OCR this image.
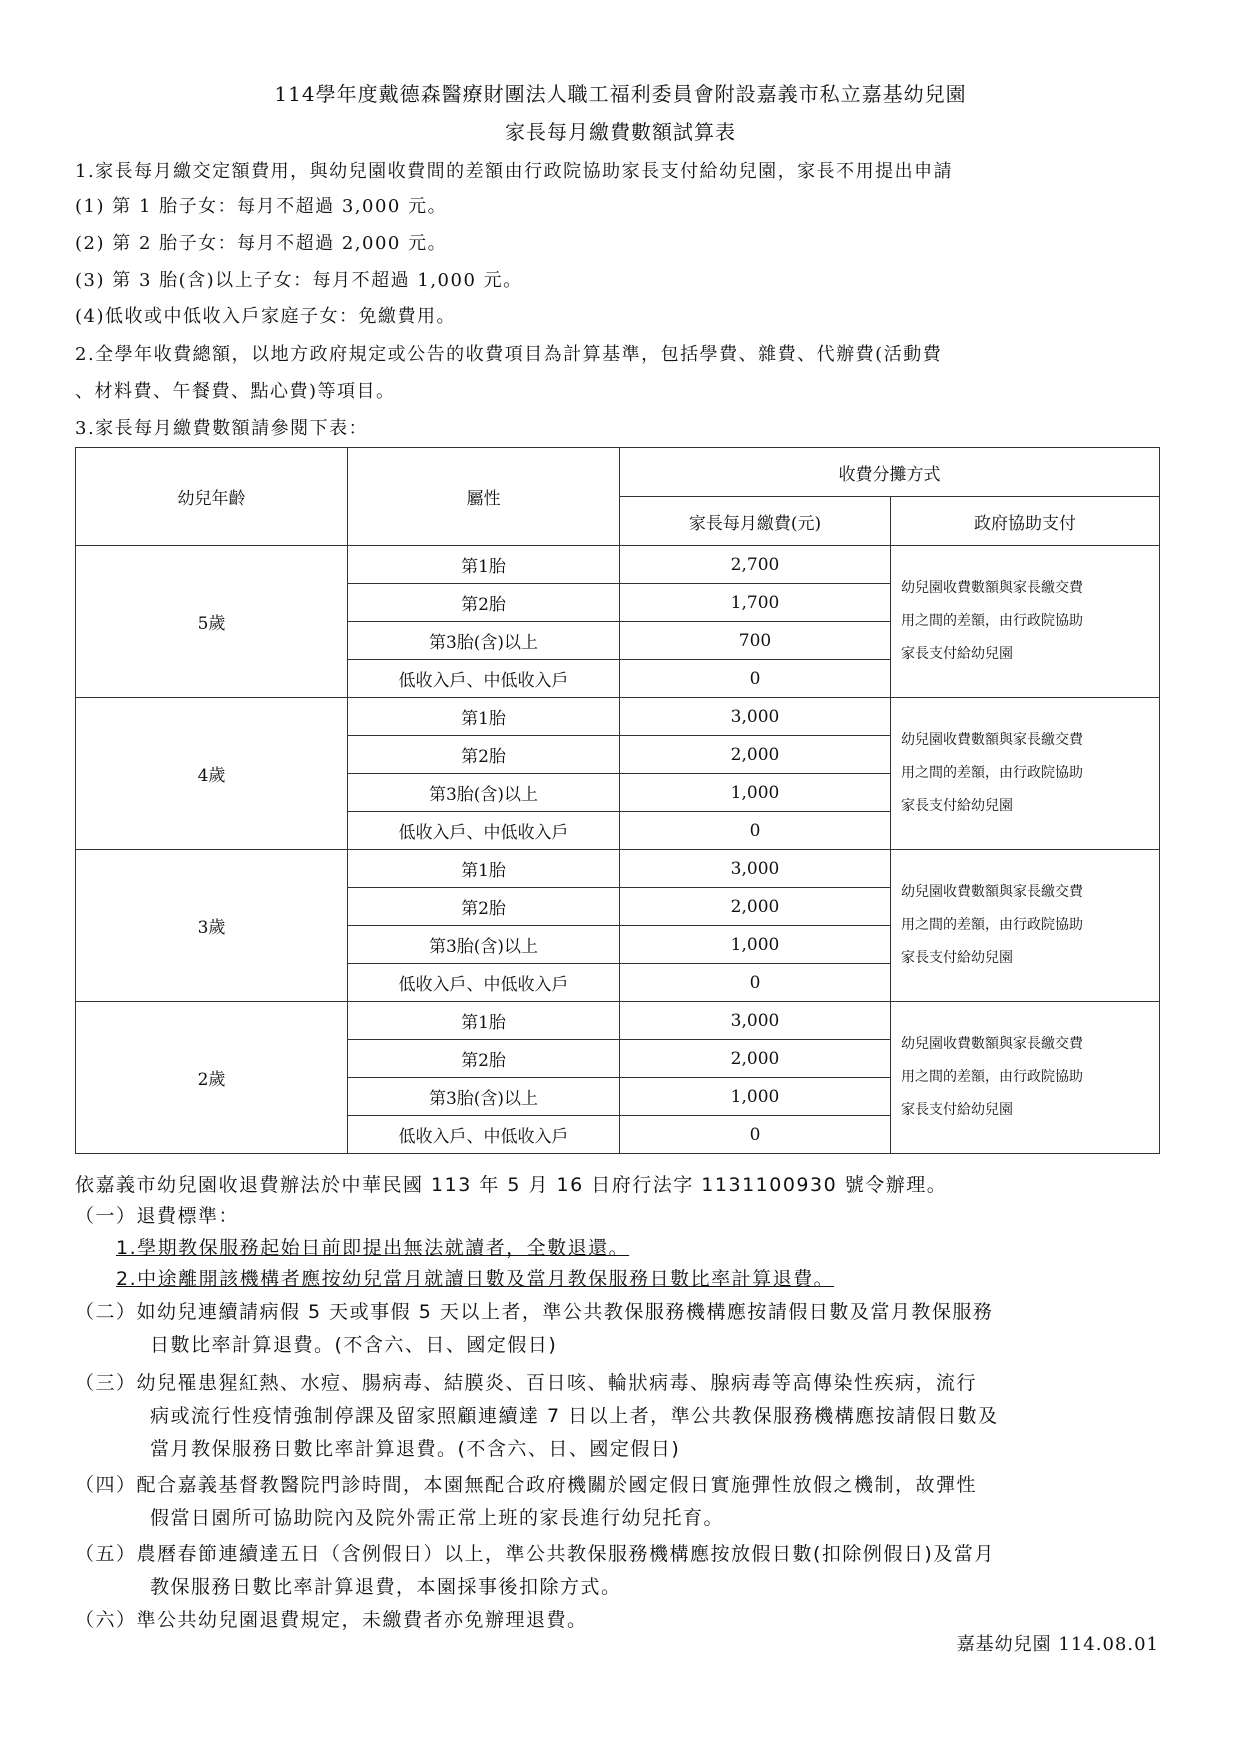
114學年度戴德森醫療財團法人職工福利委員會附設嘉義市私立嘉基幼兒園
家長每月繳費數額試算表
1.家長每月繳交定額費用，與幼兒園收費間的差額由行政院協助家長支付給幼兒園，家長不用提出申請
(1) 第 1 胎子女：每月不超過 3,000 元。
(2) 第 2 胎子女：每月不超過 2,000 元。
(3) 第 3 胎(含)以上子女：每月不超過 1,000 元。
(4)低收或中低收入戶家庭子女：免繳費用。
2.全學年收費總額，以地方政府規定或公告的收費項目為計算基準，包括學費、雜費、代辦費(活動費
、材料費、午餐費、點心費)等項目。
3.家長每月繳費數額請參閱下表：
幼兒年齡	屬性	收費分攤方式	
		家長每月繳費(元)	政府協助支付
5歲	第1胎	2,700	幼兒園收費數額與家長繳交費
用之間的差額，由行政院協助
家長支付給幼兒園
	第2胎	1,700	
	第3胎(含)以上	700	
	低收入戶、中低收入戶	0	
4歲	第1胎	3,000	幼兒園收費數額與家長繳交費
用之間的差額，由行政院協助
家長支付給幼兒園
	第2胎	2,000	
	第3胎(含)以上	1,000	
	低收入戶、中低收入戶	0	
3歲	第1胎	3,000	幼兒園收費數額與家長繳交費
用之間的差額，由行政院協助
家長支付給幼兒園
	第2胎	2,000	
	第3胎(含)以上	1,000	
	低收入戶、中低收入戶	0	
2歲	第1胎	3,000	幼兒園收費數額與家長繳交費
用之間的差額，由行政院協助
家長支付給幼兒園
	第2胎	2,000	
	第3胎(含)以上	1,000	
	低收入戶、中低收入戶	0	
依嘉義市幼兒園收退費辦法於中華民國 113 年 5 月 16 日府行法字 1131100930 號令辦理。
（一）退費標準：
1.學期教保服務起始日前即提出無法就讀者，全數退還。
2.中途離開該機構者應按幼兒當月就讀日數及當月教保服務日數比率計算退費。
（二）如幼兒連續請病假 5 天或事假 5 天以上者，準公共教保服務機構應按請假日數及當月教保服務
日數比率計算退費。(不含六、日、國定假日)
（三）幼兒罹患猩紅熱、水痘、腸病毒、結膜炎、百日咳、輪狀病毒、腺病毒等高傳染性疾病，流行
病或流行性疫情強制停課及留家照顧連續達 7 日以上者，準公共教保服務機構應按請假日數及
當月教保服務日數比率計算退費。(不含六、日、國定假日)
（四）配合嘉義基督教醫院門診時間，本園無配合政府機關於國定假日實施彈性放假之機制，故彈性
假當日園所可協助院內及院外需正常上班的家長進行幼兒托育。
（五）農曆春節連續達五日（含例假日）以上，準公共教保服務機構應按放假日數(扣除例假日)及當月
教保服務日數比率計算退費，本園採事後扣除方式。
（六）準公共幼兒園退費規定，未繳費者亦免辦理退費。
嘉基幼兒園 114.08.01
